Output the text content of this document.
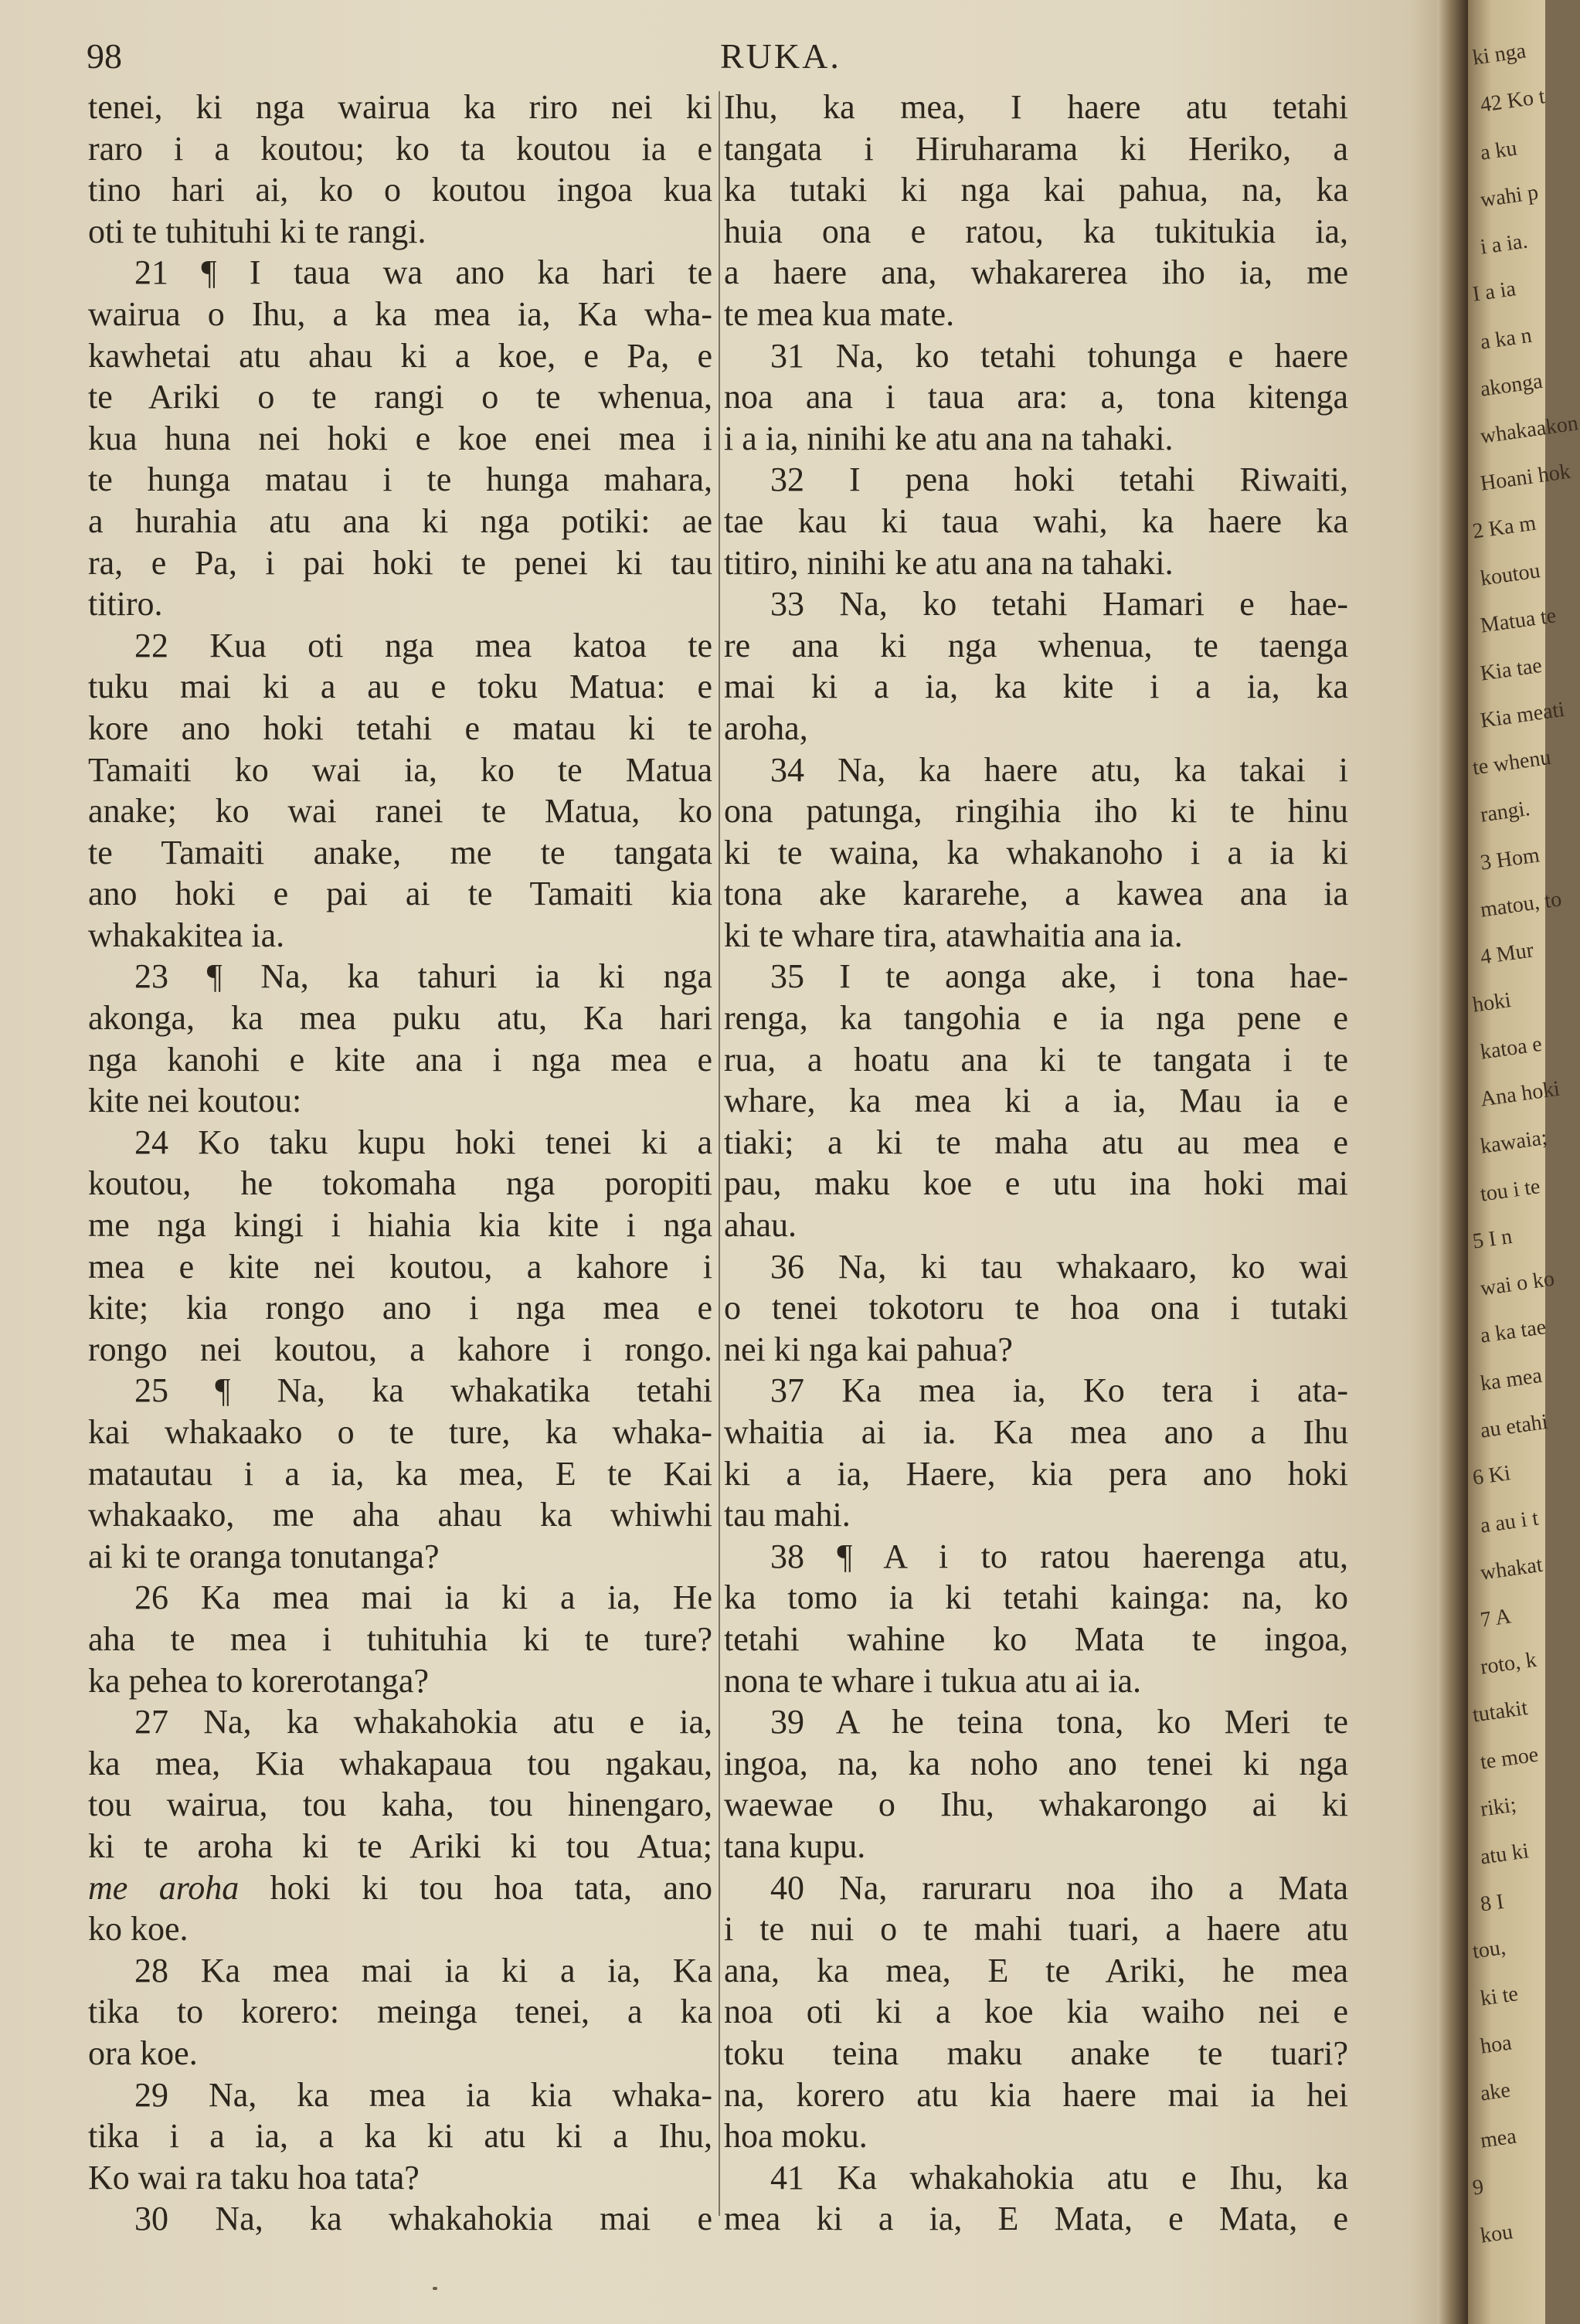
98	RUKA.
tenei, ki nga wairua ka riro nei ki
raro i a koutou; ko ta koutou ia e
tino hari ai, ko o koutou ingoa kua
oti te tuhituhi ki te rangi.
21 ¶ I taua wa ano ka hari te
wairua o Ihu, a ka mea ia, Ka wha-
kawhetai atu ahau ki a koe, e Pa, e
te Ariki o te rangi o te whenua,
kua huna nei hoki e koe enei mea i
te hunga matau i te hunga mahara,
a hurahia atu ana ki nga potiki: ae
ra, e Pa, i pai hoki te penei ki tau
titiro.
22 Kua oti nga mea katoa te
tuku mai ki a au e toku Matua: e
kore ano hoki tetahi e matau ki te
Tamaiti ko wai ia, ko te Matua
anake; ko wai ranei te Matua, ko
te Tamaiti anake, me te tangata
ano hoki e pai ai te Tamaiti kia
whakakitea ia.
23 ¶ Na, ka tahuri ia ki nga
akonga, ka mea puku atu, Ka hari
nga kanohi e kite ana i nga mea e
kite nei koutou:
24 Ko taku kupu hoki tenei ki a
koutou, he tokomaha nga poropiti
me nga kingi i hiahia kia kite i nga
mea e kite nei koutou, a kahore i
kite; kia rongo ano i nga mea e
rongo nei koutou, a kahore i rongo.
25 ¶ Na, ka whakatika tetahi
kai whakaako o te ture, ka whaka-
matautau i a ia, ka mea, E te Kai
whakaako, me aha ahau ka whiwhi
ai ki te oranga tonutanga?
26 Ka mea mai ia ki a ia, He
aha te mea i tuhituhia ki te ture?
ka pehea to korerotanga?
27 Na, ka whakahokia atu e ia,
ka mea, Kia whakapaua tou ngakau,
tou wairua, tou kaha, tou hinengaro,
ki te aroha ki te Ariki ki tou Atua;
me aroha hoki ki tou hoa tata, ano
ko koe.
28 Ka mea mai ia ki a ia, Ka
tika to korero: meinga tenei, a ka
ora koe.
29 Na, ka mea ia kia whaka-
tika i a ia, a ka ki atu ki a Ihu,
Ko wai ra taku hoa tata?
30 Na, ka whakahokia mai e
Ihu, ka mea, I haere atu tetahi
tangata i Hiruharama ki Heriko, a
ka tutaki ki nga kai pahua, na, ka
huia ona e ratou, ka tukitukia ia,
a haere ana, whakarerea iho ia, me
te mea kua mate.
31 Na, ko tetahi tohunga e haere
noa ana i taua ara: a, tona kitenga
i a ia, ninihi ke atu ana na tahaki.
32 I pena hoki tetahi Riwaiti,
tae kau ki taua wahi, ka haere ka
titiro, ninihi ke atu ana na tahaki.
33 Na, ko tetahi Hamari e hae-
re ana ki nga whenua, te taenga
mai ki a ia, ka kite i a ia, ka
aroha,
34 Na, ka haere atu, ka takai i
ona patunga, ringihia iho ki te hinu
ki te waina, ka whakanoho i a ia ki
tona ake kararehe, a kawea ana ia
ki te whare tira, atawhaitia ana ia.
35 I te aonga ake, i tona hae-
renga, ka tangohia e ia nga pene e
rua, a hoatu ana ki te tangata i te
whare, ka mea ki a ia, Mau ia e
tiaki; a ki te maha atu au mea e
pau, maku koe e utu ina hoki mai
ahau.
36 Na, ki tau whakaaro, ko wai
o tenei tokotoru te hoa ona i tutaki
nei ki nga kai pahua?
37 Ka mea ia, Ko tera i ata-
whaitia ai ia. Ka mea ano a Ihu
ki a ia, Haere, kia pera ano hoki
tau mahi.
38 ¶ A i to ratou haerenga atu,
ka tomo ia ki tetahi kainga: na, ko
tetahi wahine ko Mata te ingoa,
nona te whare i tukua atu ai ia.
39 A he teina tona, ko Meri te
ingoa, na, ka noho ano tenei ki nga
waewae o Ihu, whakarongo ai ki
tana kupu.
40 Na, raruraru noa iho a Mata
i te nui o te mahi tuari, a haere atu
ana, ka mea, E te Ariki, he mea
noa oti ki a koe kia waiho nei e
toku teina maku anake te tuari?
na, korero atu kia haere mai ia hei
hoa moku.
41 Ka whakahokia atu e Ihu, ka
mea ki a ia, E Mata, e Mata, e
ki nga
42 Ko t
a ku
wahi p
i a ia.
I a ia
a ka n
akonga
whakaakon
Hoani hok
2 Ka m
koutou
Matua te
Kia tae
Kia meati
te whenu
rangi.
3 Hom
matou, to
4 Mur
hoki
katoa e
Ana hoki
kawaia;
tou i te
5 I n
wai o ko
a ka tae
ka mea
au etahi
6 Ki
a au i t
whakat
7 A
roto, k
tutakit
te moe
riki;
atu ki
8 I
tou,
ki te
hoa
ake
mea
9
kou
